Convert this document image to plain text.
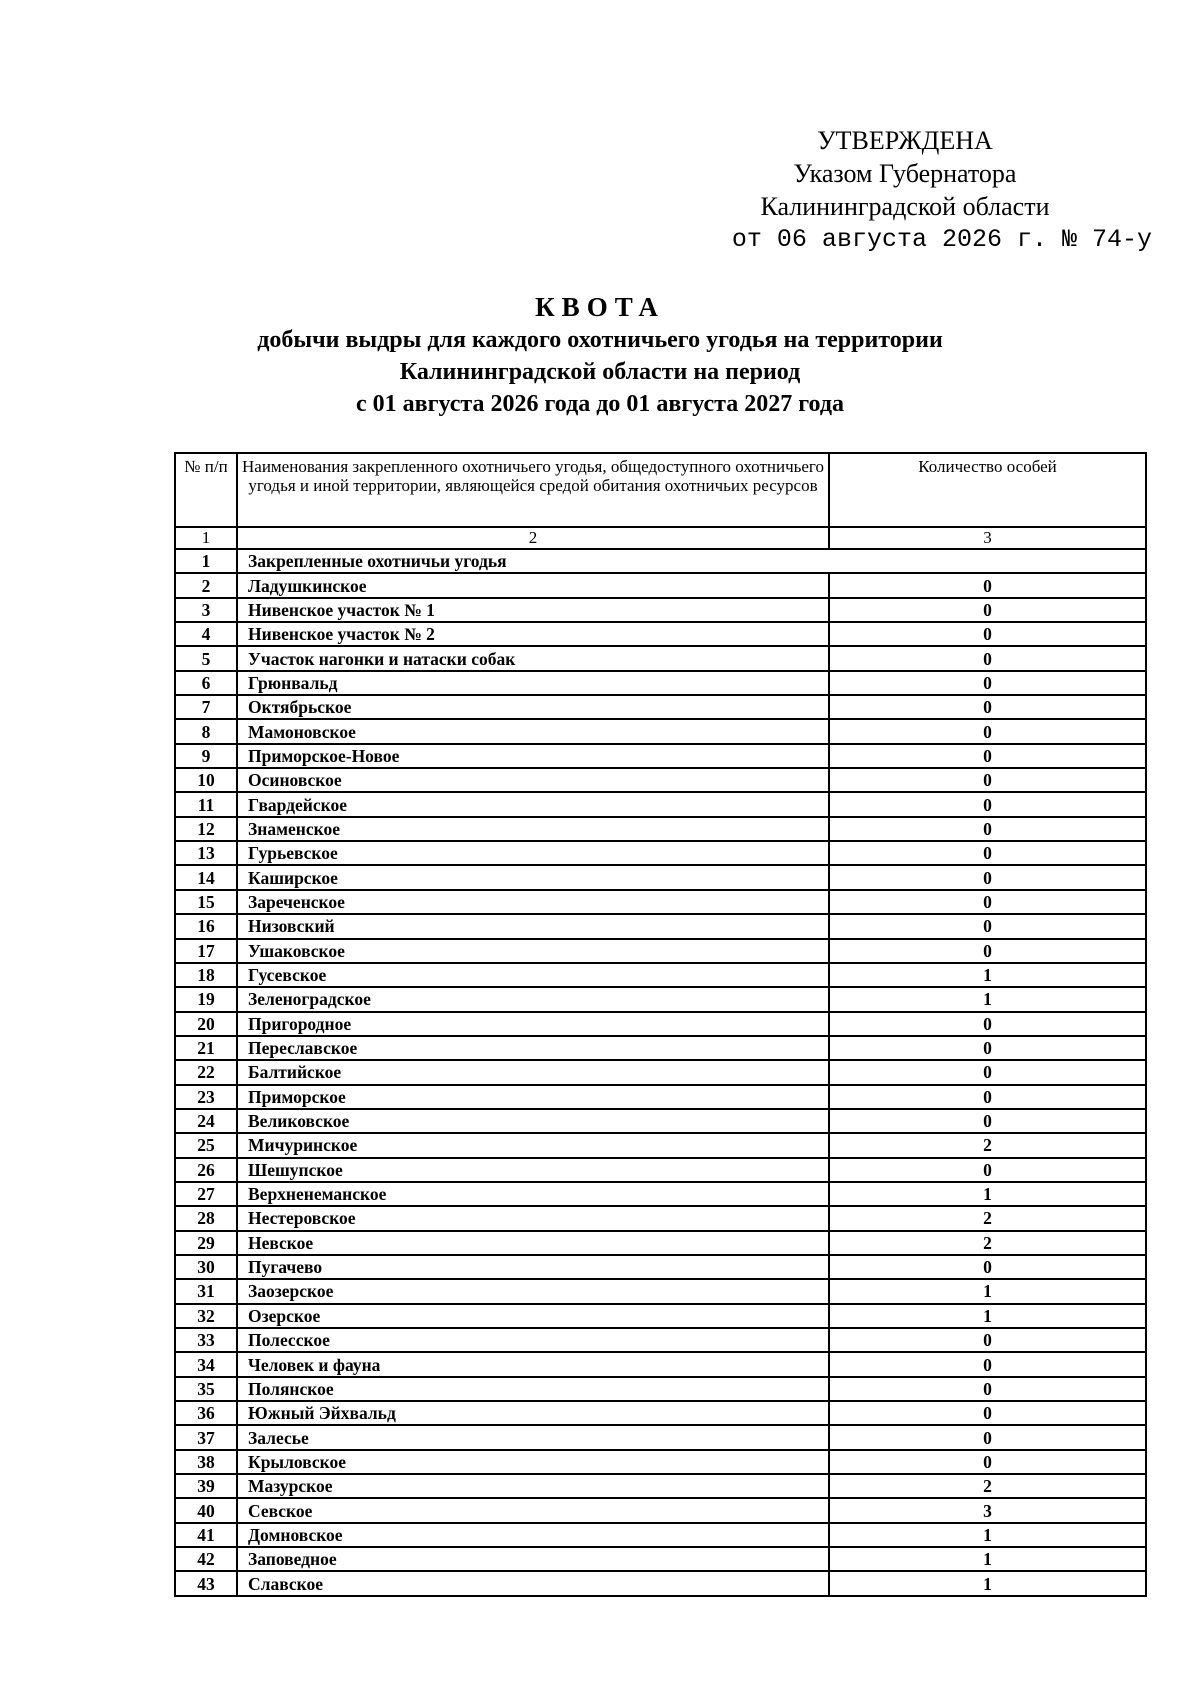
УТВЕРЖДЕНА
Указом Губернатора
Калининградской области
от 06 августа 2026 г. № 74-у
КВОТА
добычи выдры для каждого охотничьего угодья на территории
Калининградской области на период
с 01 августа 2026 года до 01 августа 2027 года
№ п/п	Наименования закрепленного охотничьего угодья, общедоступного охотничьего угодья и иной территории, являющейся средой обитания охотничьих ресурсов	Количество особей
1	2	3
1	Закрепленные охотничьи угодья	
2	Ладушкинское	0
3	Нивенское участок № 1	0
4	Нивенское участок № 2	0
5	Участок нагонки и натаски собак	0
6	Грюнвальд	0
7	Октябрьское	0
8	Мамоновское	0
9	Приморское-Новое	0
10	Осиновское	0
11	Гвардейское	0
12	Знаменское	0
13	Гурьевское	0
14	Каширское	0
15	Зареченское	0
16	Низовский	0
17	Ушаковское	0
18	Гусевское	1
19	Зеленоградское	1
20	Пригородное	0
21	Переславское	0
22	Балтийское	0
23	Приморское	0
24	Великовское	0
25	Мичуринское	2
26	Шешупское	0
27	Верхненеманское	1
28	Нестеровское	2
29	Невское	2
30	Пугачево	0
31	Заозерское	1
32	Озерское	1
33	Полесское	0
34	Человек и фауна	0
35	Полянское	0
36	Южный Эйхвальд	0
37	Залесье	0
38	Крыловское	0
39	Мазурское	2
40	Севское	3
41	Домновское	1
42	Заповедное	1
43	Славское	1
